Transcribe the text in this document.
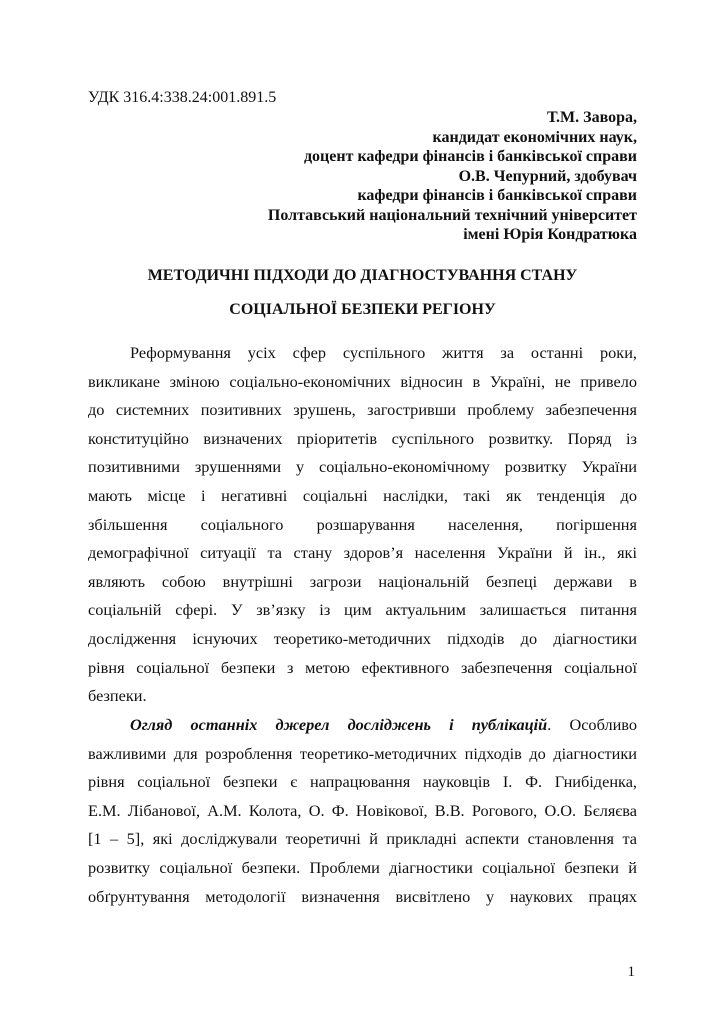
УДК 316.4:338.24:001.891.5

Т.М. Завора,
кандидат економічних наук,
доцент кафедри фінансів і банківської справи
О.В. Чепурний, здобувач
кафедри фінансів і банківської справи
Полтавський національний технічний університет
імені Юрія Кондратюка
МЕТОДИЧНІ ПІДХОДИ ДО ДІАГНОСТУВАННЯ СТАНУ
СОЦІАЛЬНОЇ БЕЗПЕКИ РЕГІОНУ

Реформування усіх сфер суспільного життя за останні роки,
викликане зміною соціально-економічних відносин в Україні, не привело
до системних позитивних зрушень, загостривши проблему забезпечення
конституційно визначених пріоритетів суспільного розвитку. Поряд із
позитивними зрушеннями у соціально-економічному розвитку України
мають місце і негативні соціальні наслідки, такі як тенденція до
збільшення соціального розшарування населення, погіршення
демографічної ситуації та стану здоров’я населення України й ін., які
являють собою внутрішні загрози національній безпеці держави в
соціальній сфері. У зв’язку із цим актуальним залишається питання
дослідження існуючих теоретико-методичних підходів до діагностики
рівня соціальної безпеки з метою ефективного забезпечення соціальної
безпеки.

Огляд останніх джерел досліджень і публікацій. Особливо
важливими для розроблення теоретико-методичних підходів до діагностики
рівня соціальної безпеки є напрацювання науковців І. Ф. Гнибіденка,
Е.М. Лібанової, А.М. Колота, О. Ф. Новікової, В.В. Рогового, О.О. Бєляєва
[1 – 5], які досліджували теоретичні й прикладні аспекти становлення та
розвитку соціальної безпеки. Проблеми діагностики соціальної безпеки й
обґрунтування методології визначення висвітлено у наукових працях

1
